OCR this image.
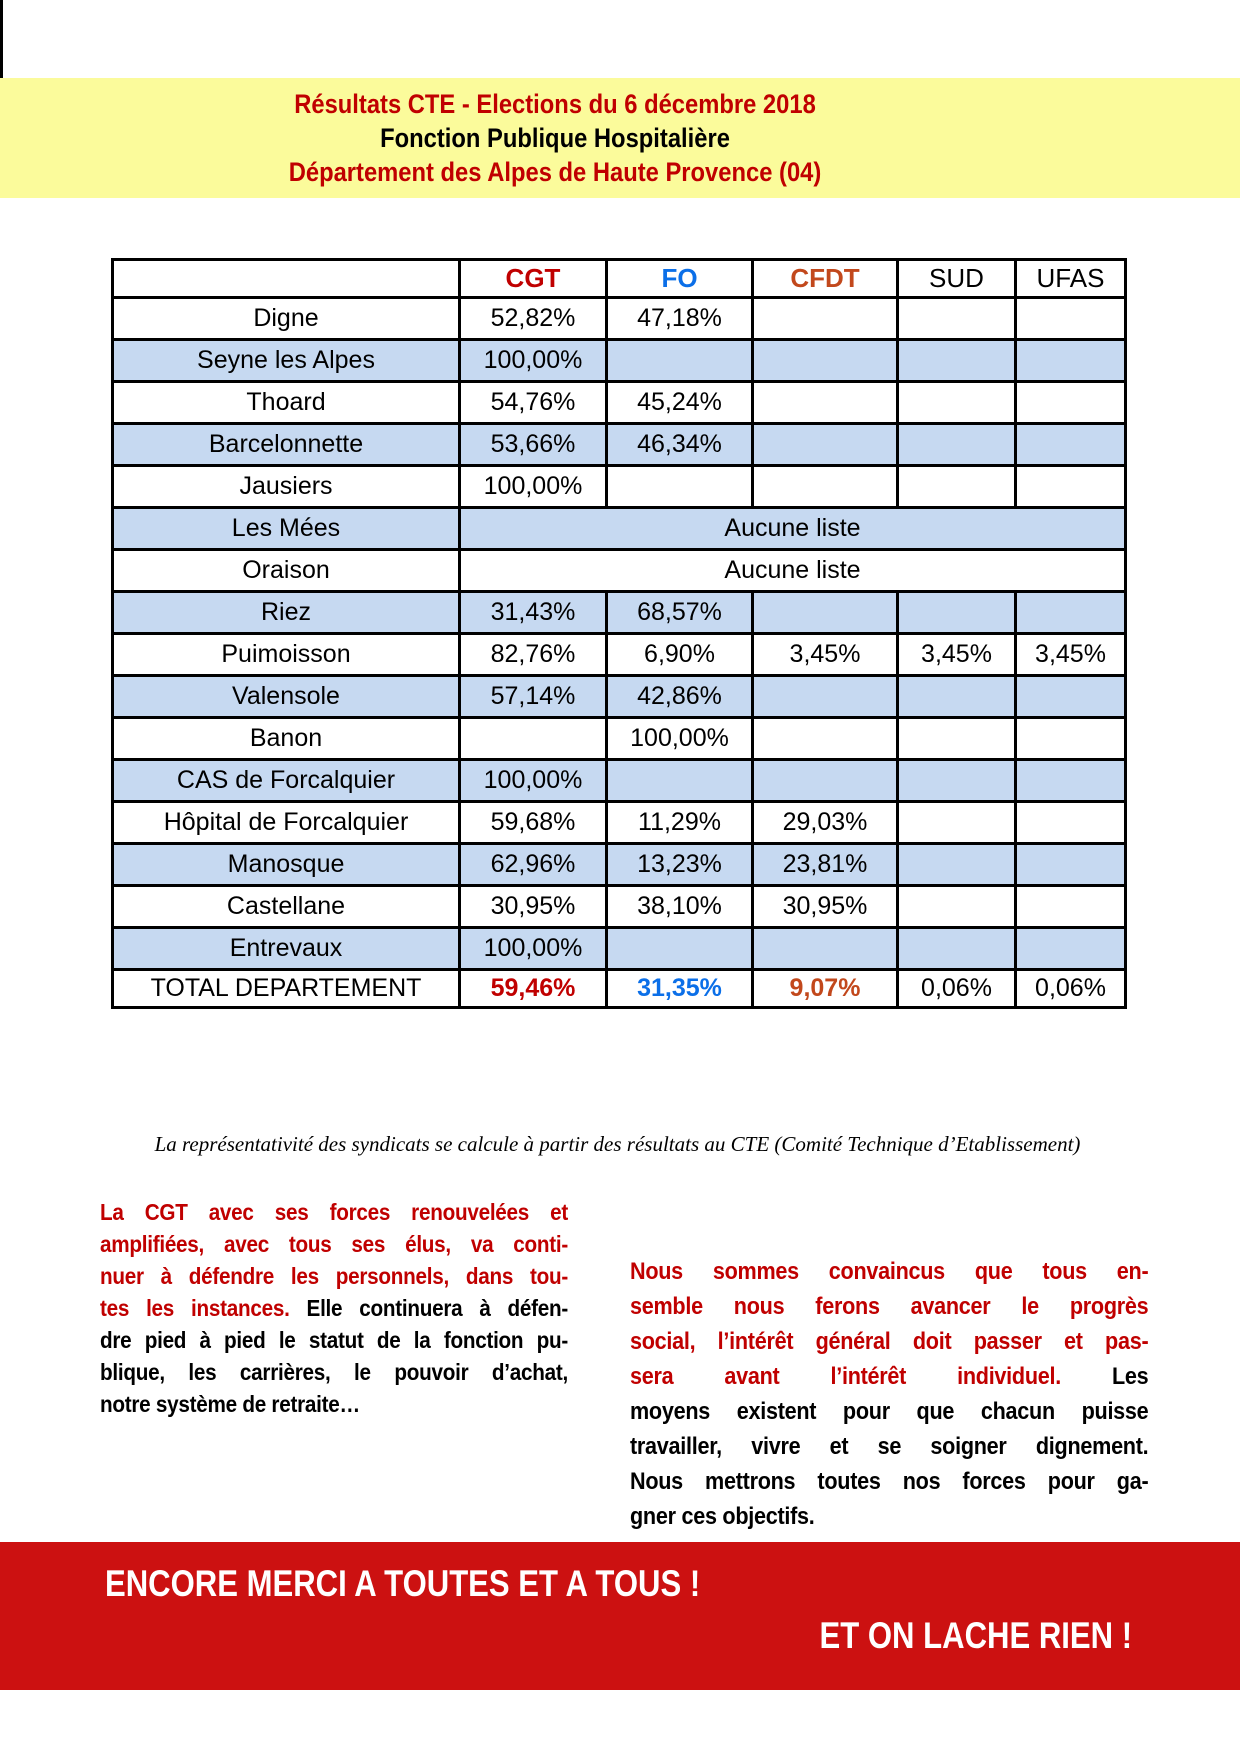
Résultats CTE - Elections du 6 décembre 2018
Fonction Publique Hospitalière
Département des Alpes de Haute Provence (04)
	CGT	FO	CFDT	SUD	UFAS
Digne	52,82%	47,18%			
Seyne les Alpes	100,00%				
Thoard	54,76%	45,24%			
Barcelonnette	53,66%	46,34%			
Jausiers	100,00%				
Les Mées	Aucune liste				
Oraison	Aucune liste				
Riez	31,43%	68,57%			
Puimoisson	82,76%	6,90%	3,45%	3,45%	3,45%
Valensole	57,14%	42,86%			
Banon		100,00%			
CAS de Forcalquier	100,00%				
Hôpital de Forcalquier	59,68%	11,29%	29,03%		
Manosque	62,96%	13,23%	23,81%		
Castellane	30,95%	38,10%	30,95%		
Entrevaux	100,00%				
TOTAL DEPARTEMENT	59,46%	31,35%	9,07%	0,06%	0,06%
La représentativité des syndicats se calcule à partir des résultats au CTE (Comité Technique d’Etablissement)
La CGT avec ses forces renouvelées et
amplifiées, avec tous ses élus, va conti-
nuer à défendre les personnels, dans tou-
tes les instances. Elle continuera à défen-
dre pied à pied le statut de la fonction pu-
blique, les carrières, le pouvoir d’achat,
notre système de retraite…
Nous sommes convaincus que tous en-
semble nous ferons avancer le progrès
social, l’intérêt général doit passer et pas-
sera avant l’intérêt individuel. Les
moyens existent pour que chacun puisse
travailler, vivre et se soigner dignement.
Nous mettrons toutes nos forces pour ga-
gner ces objectifs.
ENCORE MERCI A TOUTES ET A TOUS !
ET ON LACHE RIEN !
